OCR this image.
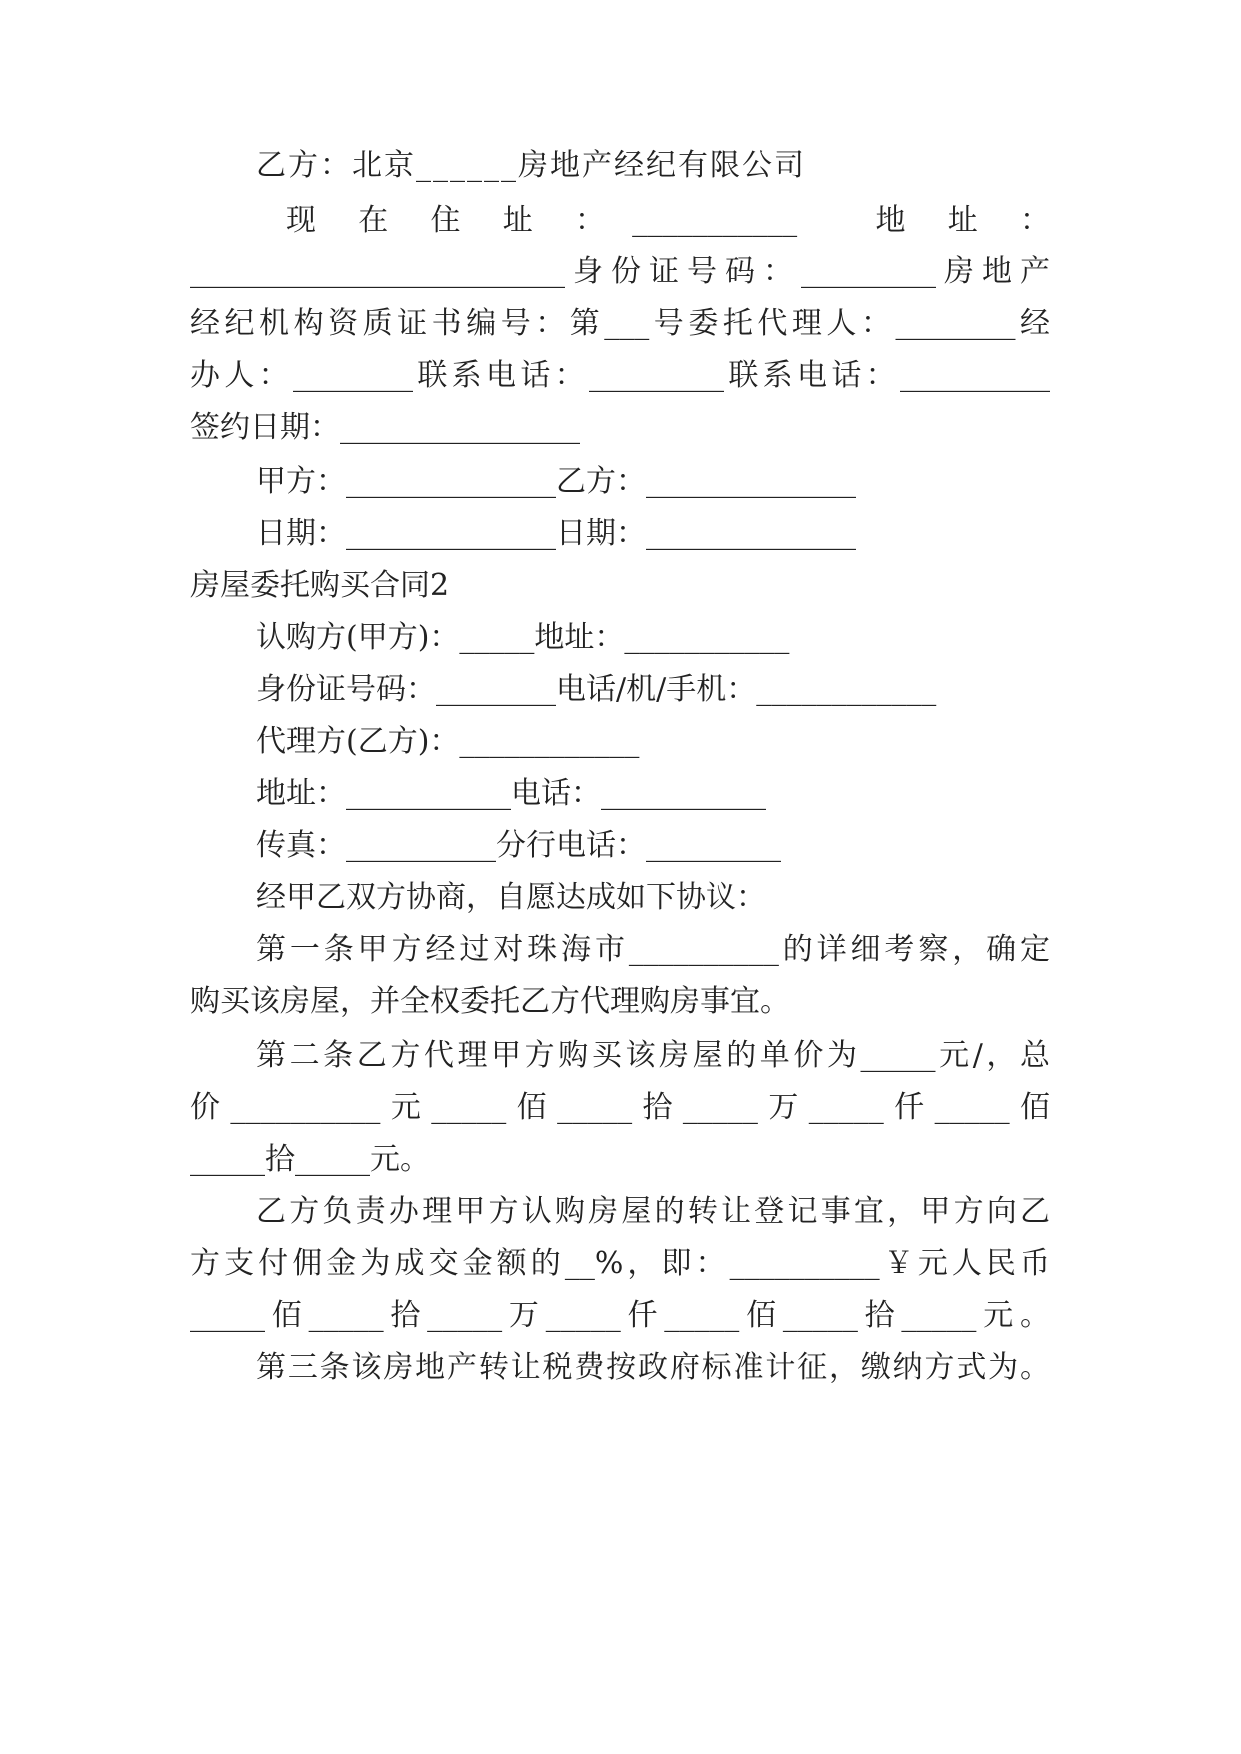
乙方：北京______房地产经纪有限公司
现　在　住　址　：　___________　　地　址　：
_________________________身份证号码：_________房地产
经纪机构资质证书编号：第___号委托代理人：________经
办人：________联系电话：_________联系电话：__________
签约日期：________________
甲方：______________乙方：______________
日期：______________日期：______________
房屋委托购买合同2
认购方(甲方)：_____地址：___________
身份证号码：________电话/机/手机：____________
代理方(乙方)：____________
地址：___________电话：___________
传真：__________分行电话：_________
经甲乙双方协商，自愿达成如下协议：
第一条甲方经过对珠海市__________的详细考察，确定
购买该房屋，并全权委托乙方代理购房事宜。
第二条乙方代理甲方购买该房屋的单价为_____元/，总
价__________元_____佰_____拾_____万_____仟_____佰
_____拾_____元。
乙方负责办理甲方认购房屋的转让登记事宜，甲方向乙
方支付佣金为成交金额的__%，即：__________￥元人民币
_____佰_____拾_____万_____仟_____佰_____拾_____元。
第三条该房地产转让税费按政府标准计征，缴纳方式为。
